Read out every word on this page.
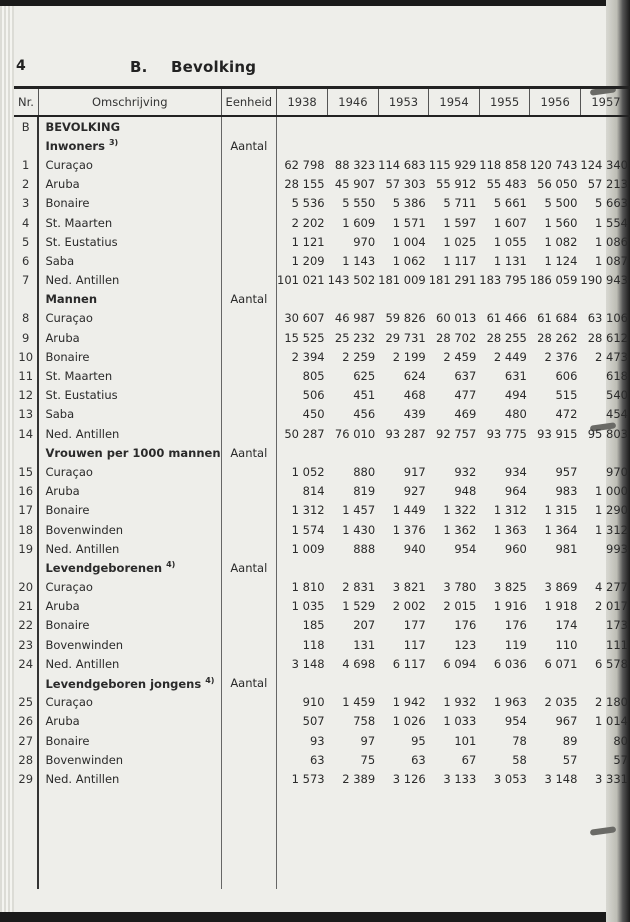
4	B. Bevolking
Nr.	Omschrijving	Eenheid	1938	1946	1953	1954	1955	1956	1957
B	BEVOLKING								
	Inwoners $^{3)}$	Aantal							
1	Curaçao		62 798	88 323	114 683	115 929	118 858	120 743	124 340
2	Aruba		28 155	45 907	57 303	55 912	55 483	56 050	57 213
3	Bonaire		5 536	5 550	5 386	5 711	5 661	5 500	5 663
4	St. Maarten		2 202	1 609	1 571	1 597	1 607	1 560	1 554
5	St. Eustatius		1 121	970	1 004	1 025	1 055	1 082	1 086
6	Saba		1 209	1 143	1 062	1 117	1 131	1 124	1 087
7	Ned. Antillen		101 021	143 502	181 009	181 291	183 795	186 059	190 943
	Mannen	Aantal							
8	Curaçao		30 607	46 987	59 826	60 013	61 466	61 684	63 106
9	Aruba		15 525	25 232	29 731	28 702	28 255	28 262	28 612
10	Bonaire		2 394	2 259	2 199	2 459	2 449	2 376	2 473
11	St. Maarten		805	625	624	637	631	606	618
12	St. Eustatius		506	451	468	477	494	515	540
13	Saba		450	456	439	469	480	472	454
14	Ned. Antillen		50 287	76 010	93 287	92 757	93 775	93 915	95 803
	Vrouwen per 1000 mannen	Aantal							
15	Curaçao		1 052	880	917	932	934	957	970
16	Aruba		814	819	927	948	964	983	1 000
17	Bonaire		1 312	1 457	1 449	1 322	1 312	1 315	1 290
18	Bovenwinden		1 574	1 430	1 376	1 362	1 363	1 364	1 312
19	Ned. Antillen		1 009	888	940	954	960	981	993
	Levendgeborenen $^{4)}$	Aantal							
20	Curaçao		1 810	2 831	3 821	3 780	3 825	3 869	4 277
21	Aruba		1 035	1 529	2 002	2 015	1 916	1 918	2 017
22	Bonaire		185	207	177	176	176	174	173
23	Bovenwinden		118	131	117	123	119	110	111
24	Ned. Antillen		3 148	4 698	6 117	6 094	6 036	6 071	6 578
	Levendgeboren jongens $^{4)}$	Aantal							
25	Curaçao		910	1 459	1 942	1 932	1 963	2 035	2 180
26	Aruba		507	758	1 026	1 033	954	967	1 014
27	Bonaire		93	97	95	101	78	89	80
28	Bovenwinden		63	75	63	67	58	57	57
29	Ned. Antillen		1 573	2 389	3 126	3 133	3 053	3 148	3 331
